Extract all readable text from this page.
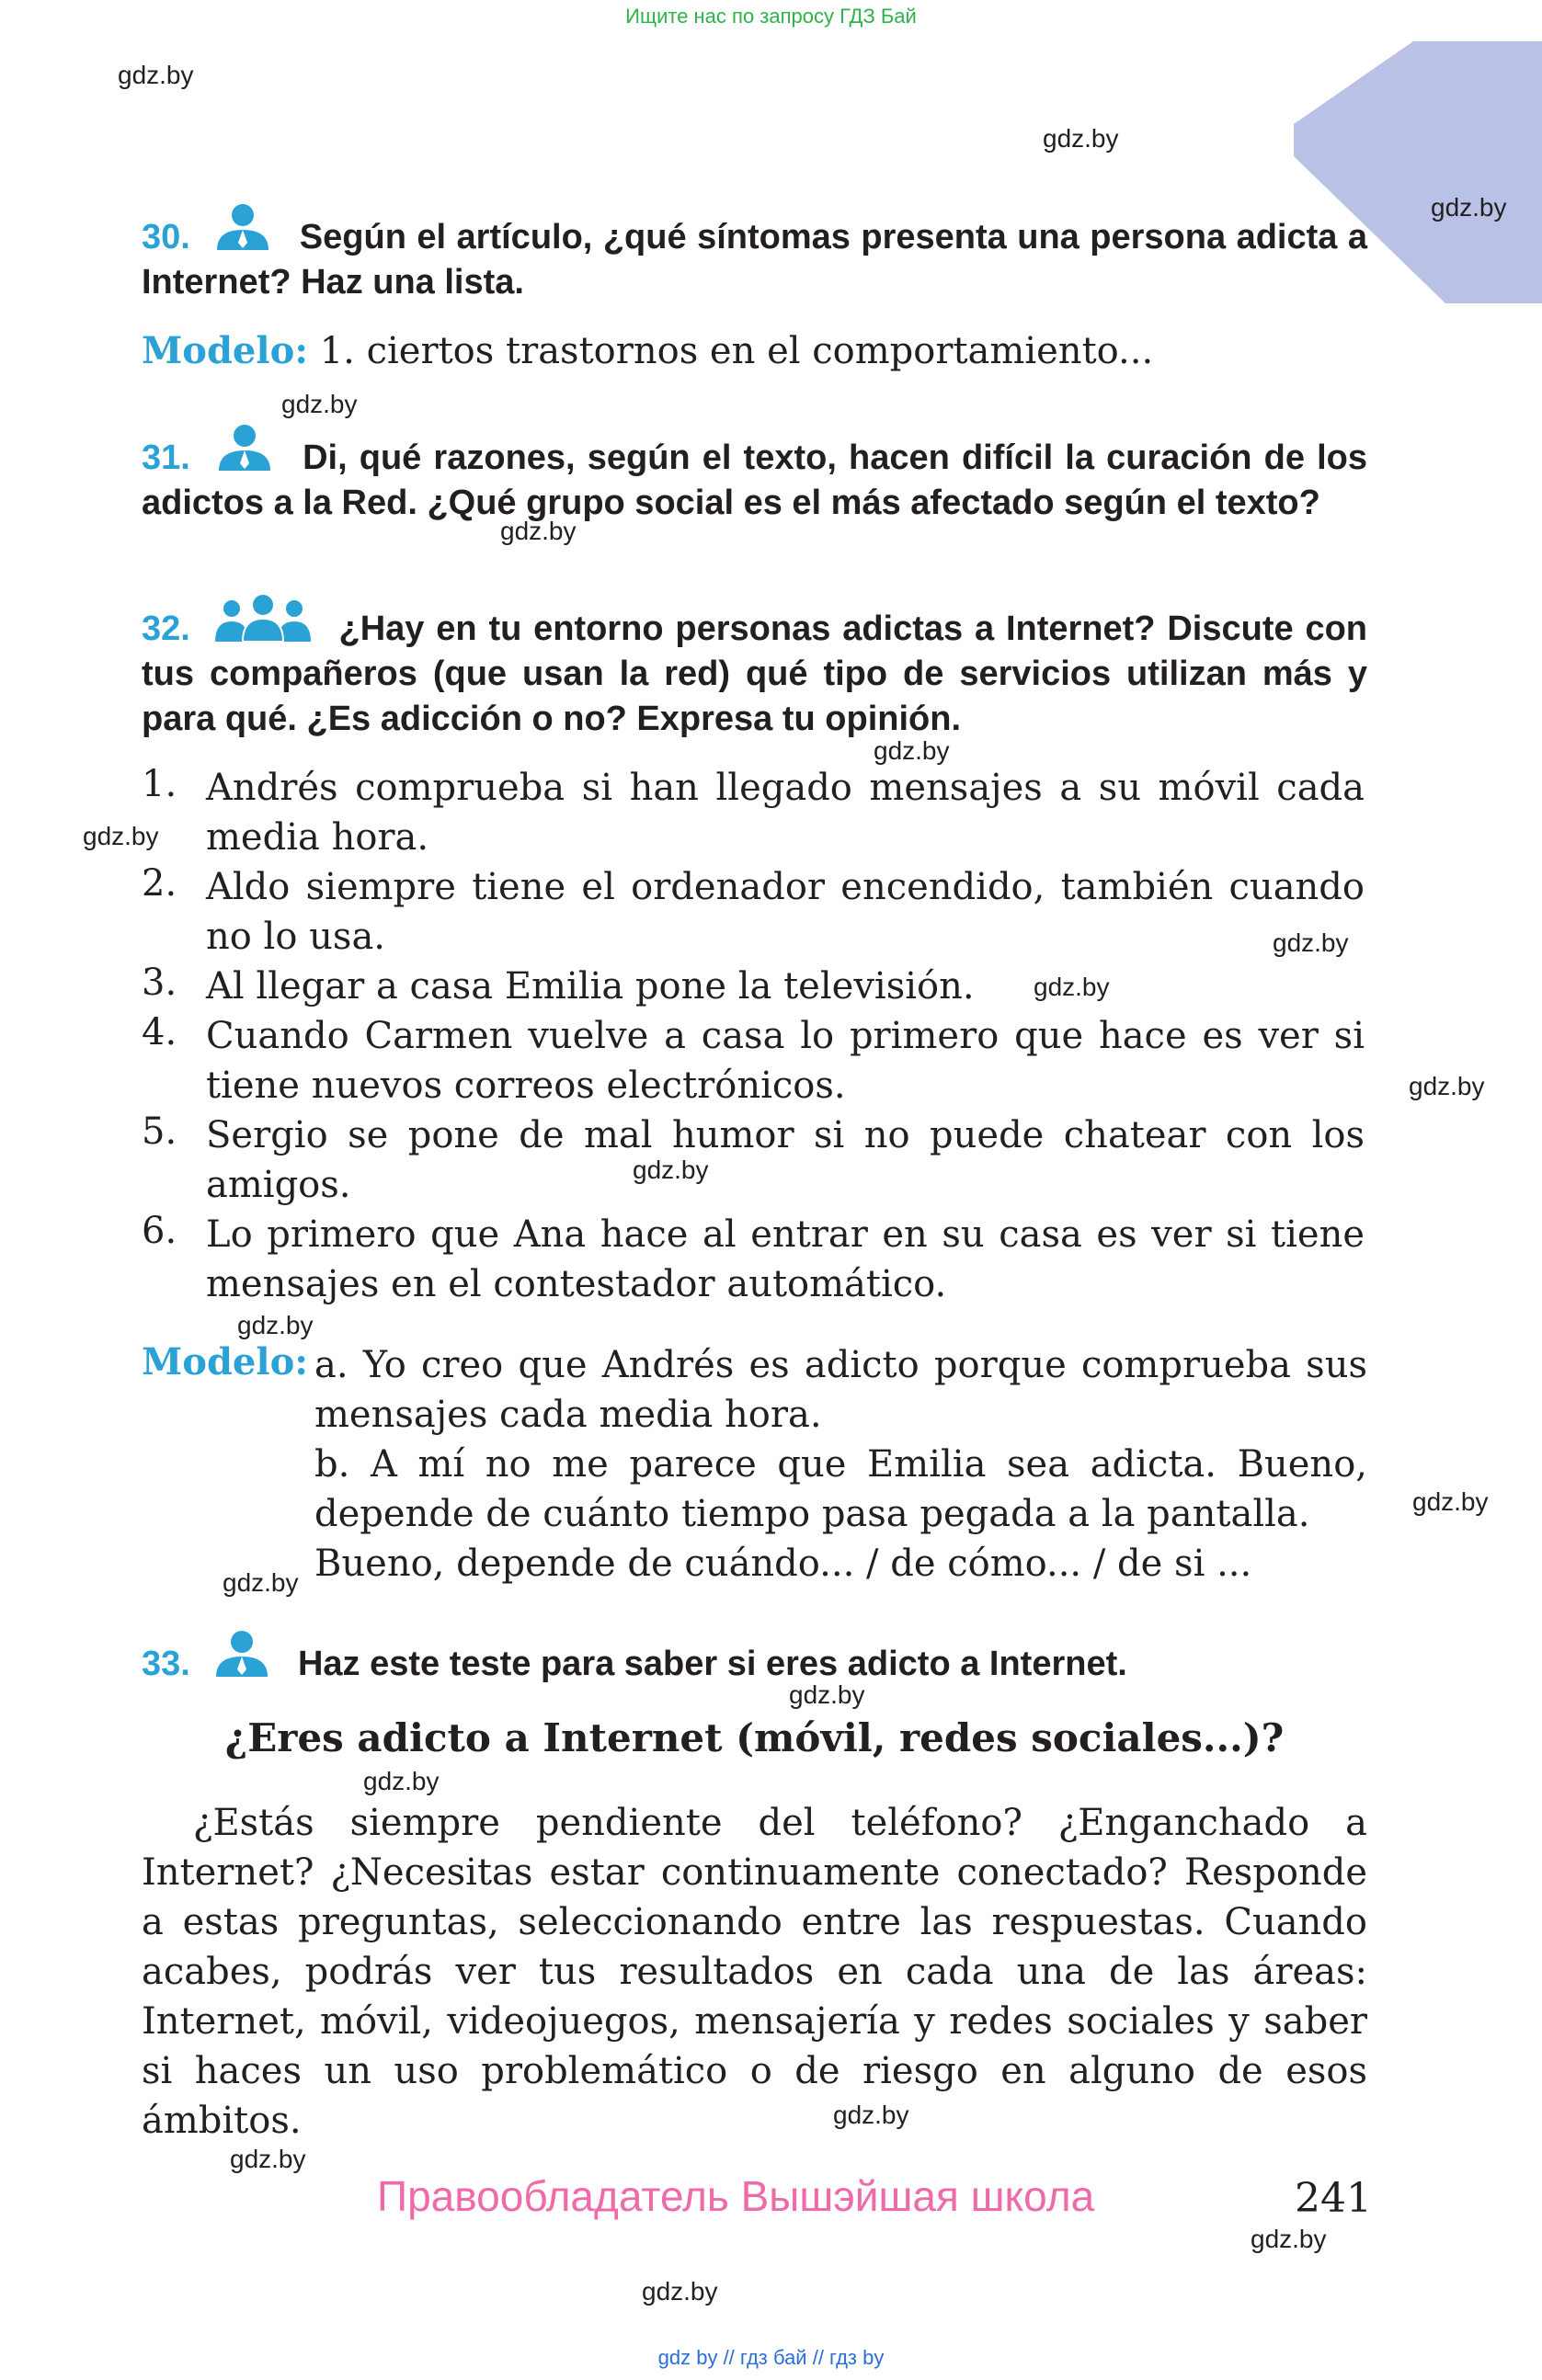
Ищите нас по запросу ГДЗ Бай
gdz.by
gdz.by
gdz.by
gdz.by
gdz.by
gdz.by
gdz.by
gdz.by
gdz.by
gdz.by
gdz.by
gdz.by
gdz.by
gdz.by
gdz.by
gdz.by
gdz.by
gdz.by
gdz.by
gdz.by
30.	Según el artículo, ¿qué síntomas presenta una persona adicta a Internet? Haz una lista.
Modelo: 1. ciertos trastornos en el comportamiento...
31.	Di, qué razones, según el texto, hacen difícil la curación de los adictos a la Red. ¿Qué grupo social es el más afectado según el texto?
32.	¿Hay en tu entorno personas adictas a Internet? Discute con tus compañeros (que usan la red) qué tipo de servicios utilizan más y para qué. ¿Es adicción o no? Expresa tu opinión.
1. Andrés comprueba si han llegado mensajes a su móvil cada media hora.
2. Aldo siempre tiene el ordenador encendido, también cuando no lo usa.
3. Al llegar a casa Emilia pone la televisión.
4. Cuando Carmen vuelve a casa lo primero que hace es ver si tiene nuevos correos electrónicos.
5. Sergio se pone de mal humor si no puede chatear con los amigos.
6. Lo primero que Ana hace al entrar en su casa es ver si tiene mensajes en el contestador automático.
Modelo: a. Yo creo que Andrés es adicto porque comprueba sus mensajes cada media hora.
b. A mí no me parece que Emilia sea adicta. Bueno, depende de cuánto tiempo pasa pegada a la pantalla.
Bueno, depende de cuándo... / de cómo... / de si ...
33.	Haz este teste para saber si eres adicto a Internet.
¿Eres adicto a Internet (móvil, redes sociales...)?
¿Estás siempre pendiente del teléfono? ¿Enganchado a Internet? ¿Necesitas estar continuamente conectado? Responde a estas preguntas, seleccionando entre las respuestas. Cuando acabes, podrás ver tus resultados en cada una de las áreas: Internet, móvil, videojuegos, mensajería y redes sociales y saber si haces un uso problemático o de riesgo en alguno de esos ámbitos.
Правообладатель Вышэйшая школа	241
gdz by // гдз бай // гдз by
